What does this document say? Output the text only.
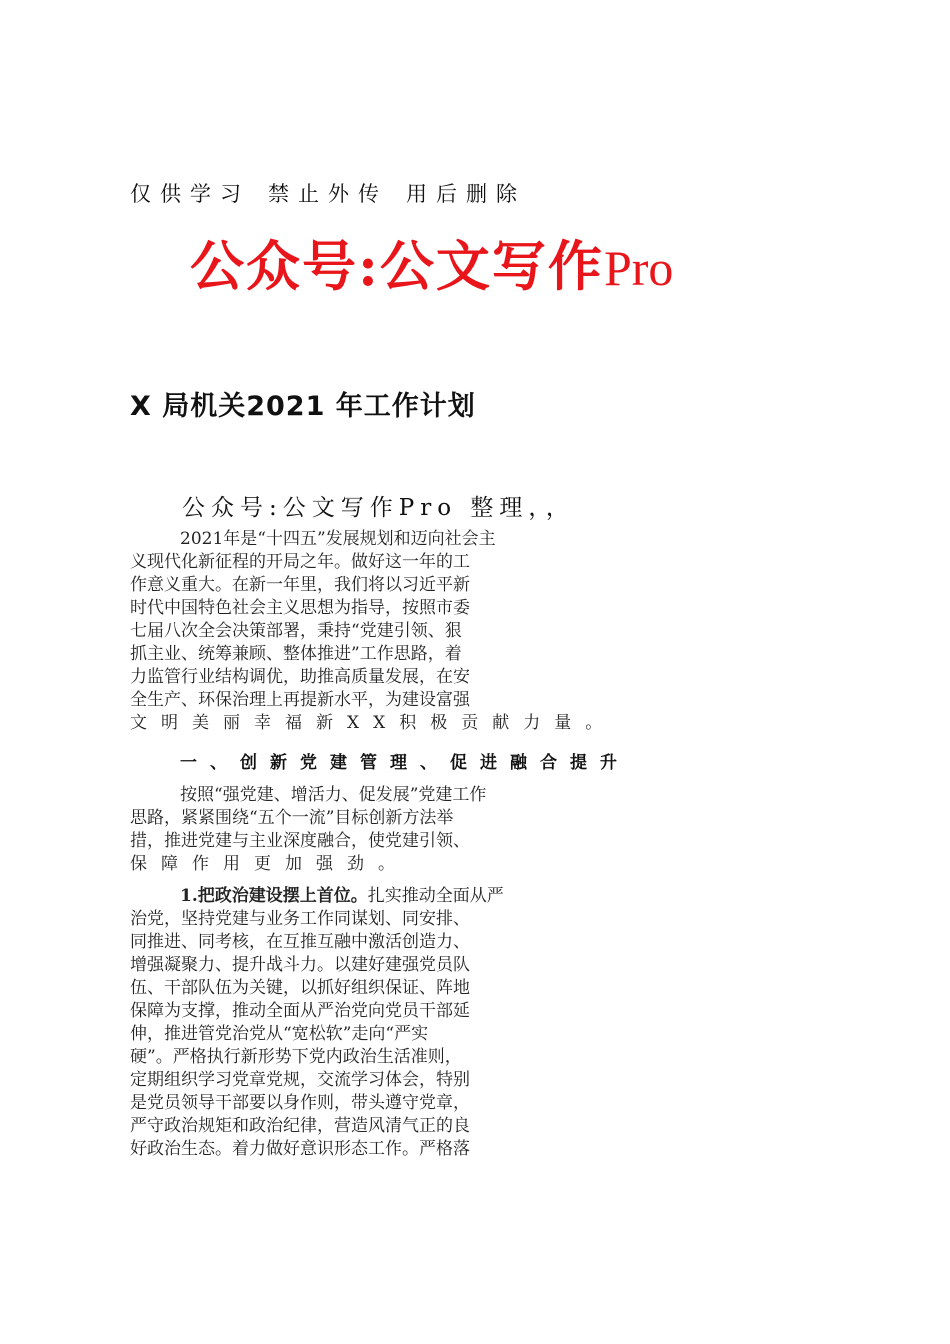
仅供学习 禁止外传 用后删除
公众号:公文写作Pro
X 局机关2021 年工作计划
公众号:公文写作Pro 整理，，
2021年是“十四五”发展规划和迈向社会主
义现代化新征程的开局之年。做好这一年的工
作意义重大。在新一年里，我们将以习近平新
时代中国特色社会主义思想为指导，按照市委
七届八次全会决策部署，秉持“党建引领、狠
抓主业、统筹兼顾、整体推进”工作思路，着
力监管行业结构调优，助推高质量发展，在安
全生产、环保治理上再提新水平，为建设富强
文明美丽幸福新XX积极贡献力量。
一、创新党建管理、促进融合提升
按照“强党建、增活力、促发展”党建工作
思路，紧紧围绕“五个一流”目标创新方法举
措，推进党建与主业深度融合，使党建引领、
保障作用更加强劲。
1.把政治建设摆上首位。扎实推动全面从严
治党，坚持党建与业务工作同谋划、同安排、
同推进、同考核，在互推互融中激活创造力、
增强凝聚力、提升战斗力。以建好建强党员队
伍、干部队伍为关键，以抓好组织保证、阵地
保障为支撑，推动全面从严治党向党员干部延
伸，推进管党治党从“宽松软”走向“严实
硬”。严格执行新形势下党内政治生活准则，
定期组织学习党章党规，交流学习体会，特别
是党员领导干部要以身作则，带头遵守党章，
严守政治规矩和政治纪律，营造风清气正的良
好政治生态。着力做好意识形态工作。严格落
